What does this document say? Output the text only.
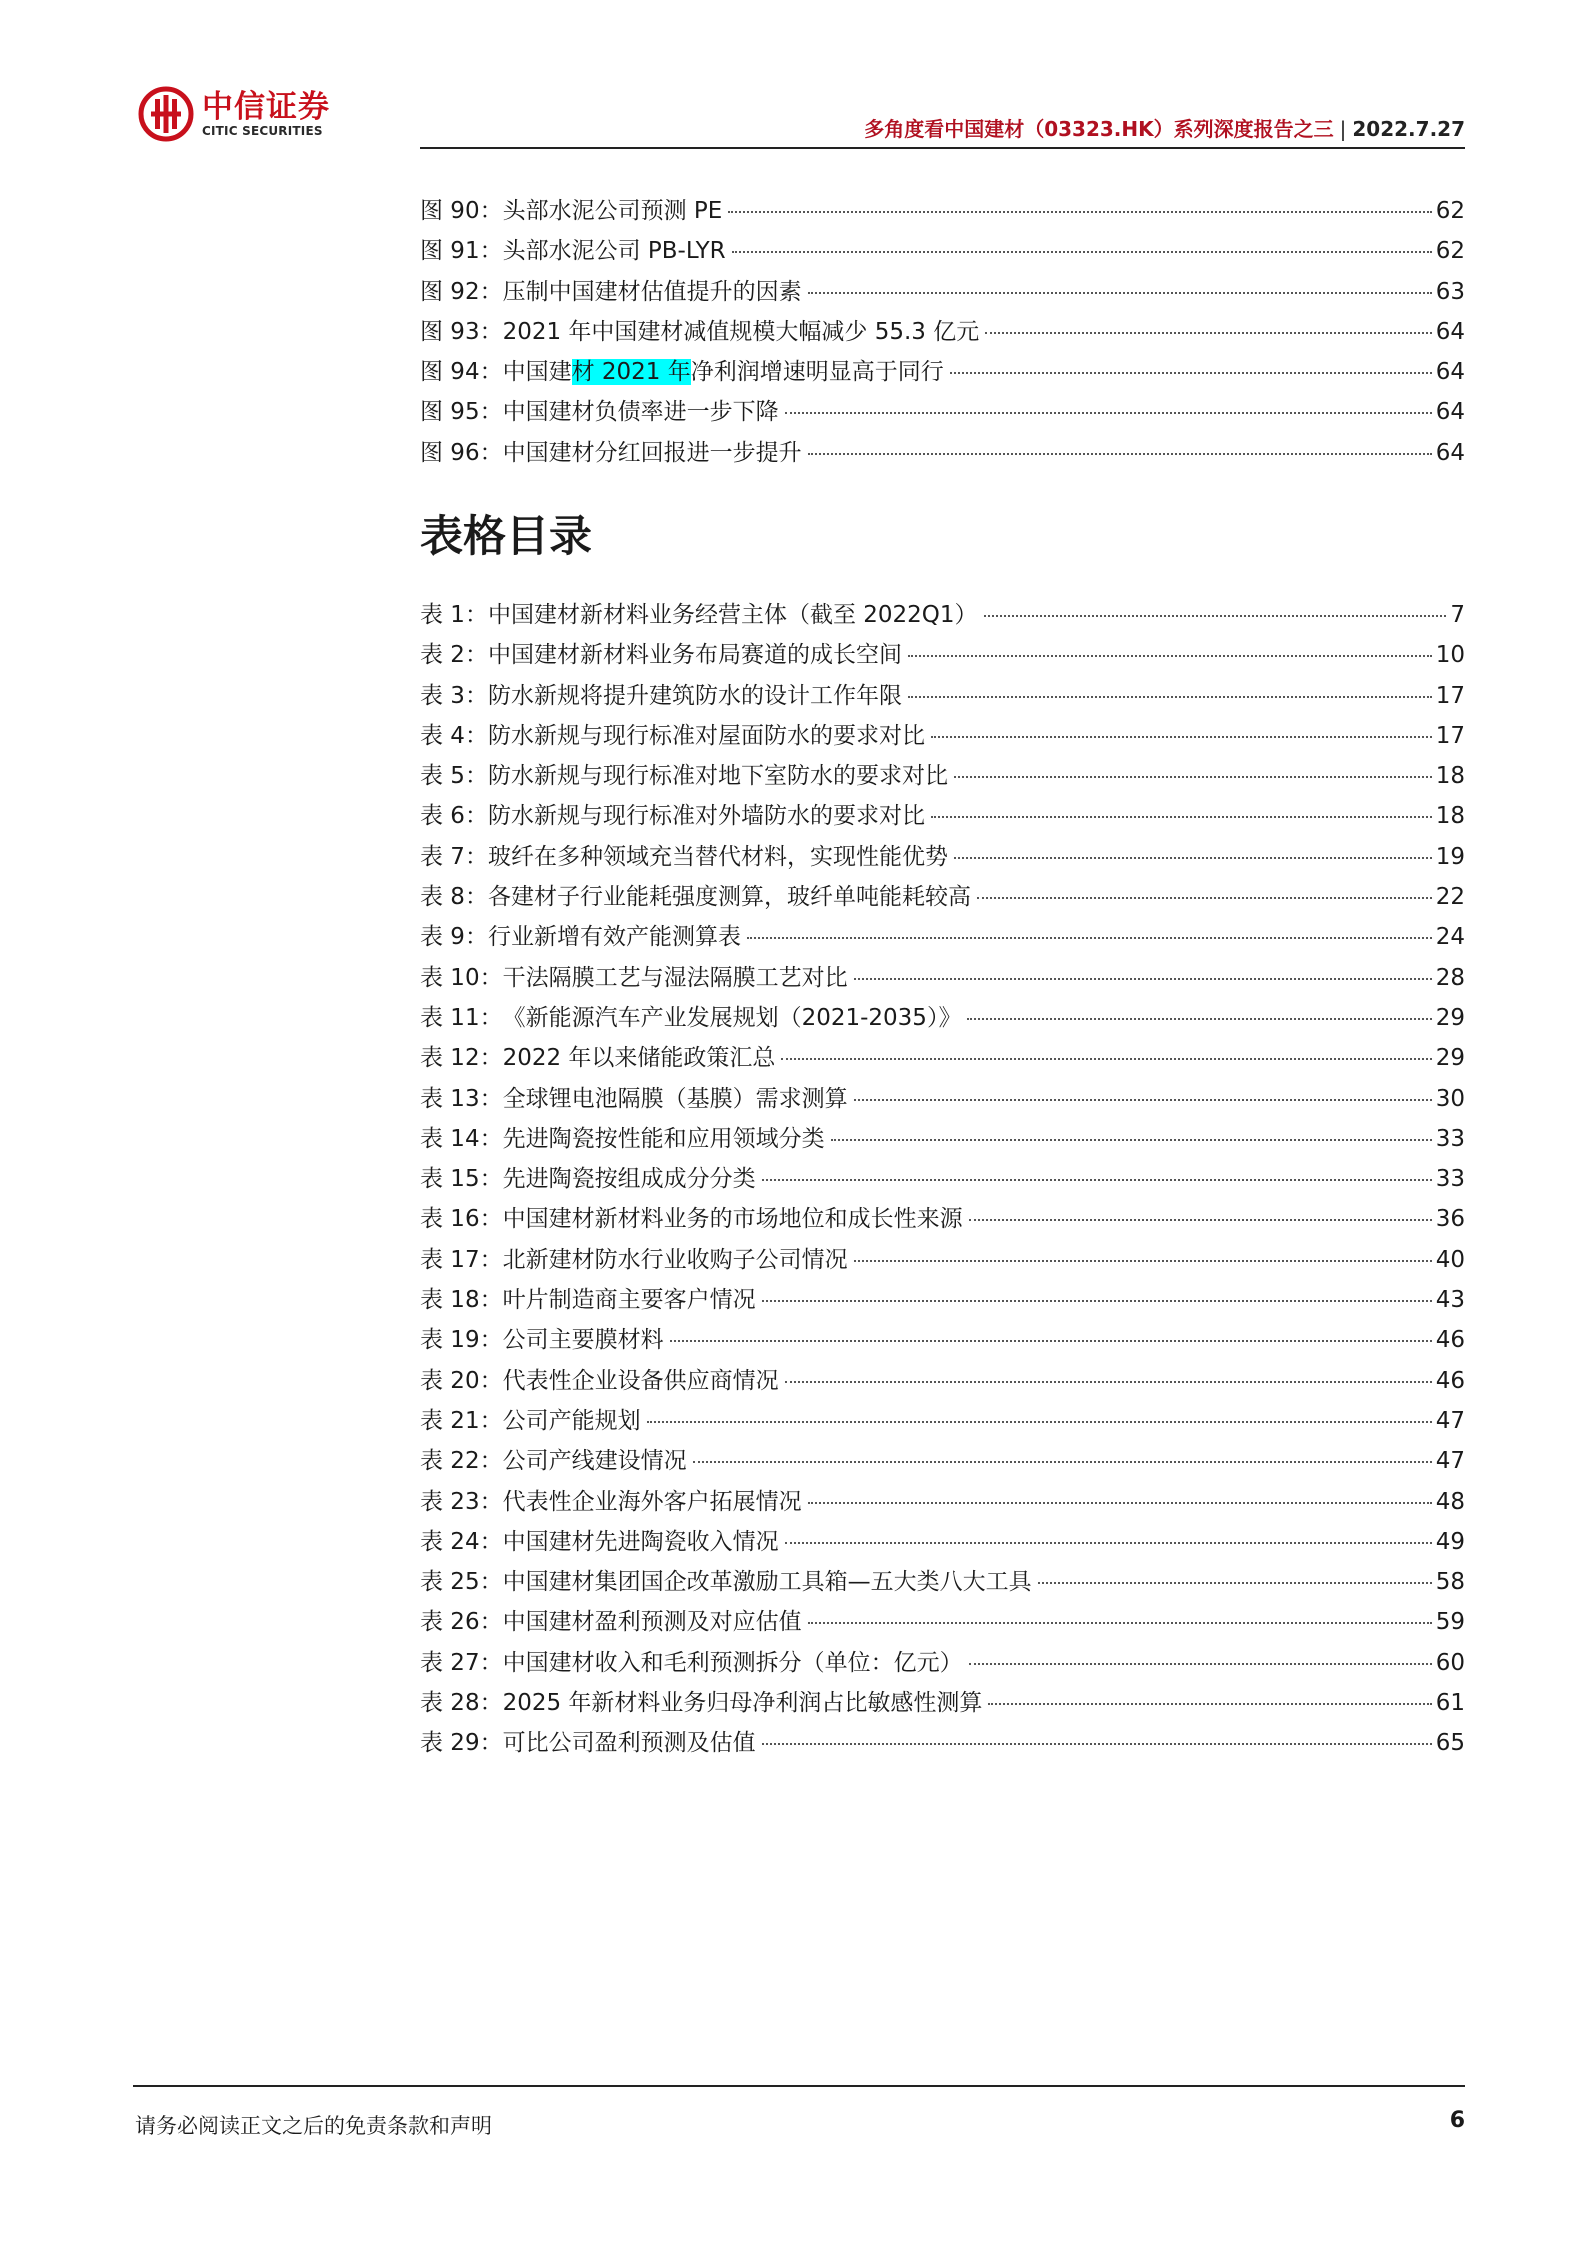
中信证券
CITIC SECURITIES	多角度看中国建材（03323.HK）系列深度报告之三 | 2022.7.27
图 90： 头部水泥公司预测 PE	62
图 91： 头部水泥公司 PB-LYR	62
图 92： 压制中国建材估值提升的因素	63
图 93： 2021 年中国建材减值规模大幅减少 55.3 亿元	64
图 94： 中国建材 2021 年净利润增速明显高于同行	64
图 95： 中国建材负债率进一步下降	64
图 96： 中国建材分红回报进一步提升	64
表格目录
表 1： 中国建材新材料业务经营主体（截至 2022Q1）	7
表 2： 中国建材新材料业务布局赛道的成长空间	10
表 3： 防水新规将提升建筑防水的设计工作年限	17
表 4： 防水新规与现行标准对屋面防水的要求对比	17
表 5： 防水新规与现行标准对地下室防水的要求对比	18
表 6： 防水新规与现行标准对外墙防水的要求对比	18
表 7： 玻纤在多种领域充当替代材料，实现性能优势	19
表 8： 各建材子行业能耗强度测算，玻纤单吨能耗较高	22
表 9： 行业新增有效产能测算表	24
表 10： 干法隔膜工艺与湿法隔膜工艺对比	28
表 11： 《新能源汽车产业发展规划（2021-2035）》	29
表 12： 2022 年以来储能政策汇总	29
表 13： 全球锂电池隔膜（基膜）需求测算	30
表 14： 先进陶瓷按性能和应用领域分类	33
表 15： 先进陶瓷按组成成分分类	33
表 16： 中国建材新材料业务的市场地位和成长性来源	36
表 17： 北新建材防水行业收购子公司情况	40
表 18： 叶片制造商主要客户情况	43
表 19： 公司主要膜材料	46
表 20： 代表性企业设备供应商情况	46
表 21： 公司产能规划	47
表 22： 公司产线建设情况	47
表 23： 代表性企业海外客户拓展情况	48
表 24： 中国建材先进陶瓷收入情况	49
表 25： 中国建材集团国企改革激励工具箱—五大类八大工具	58
表 26： 中国建材盈利预测及对应估值	59
表 27： 中国建材收入和毛利预测拆分（单位：亿元）	60
表 28： 2025 年新材料业务归母净利润占比敏感性测算	61
表 29： 可比公司盈利预测及估值	65
请务必阅读正文之后的免责条款和声明	6
